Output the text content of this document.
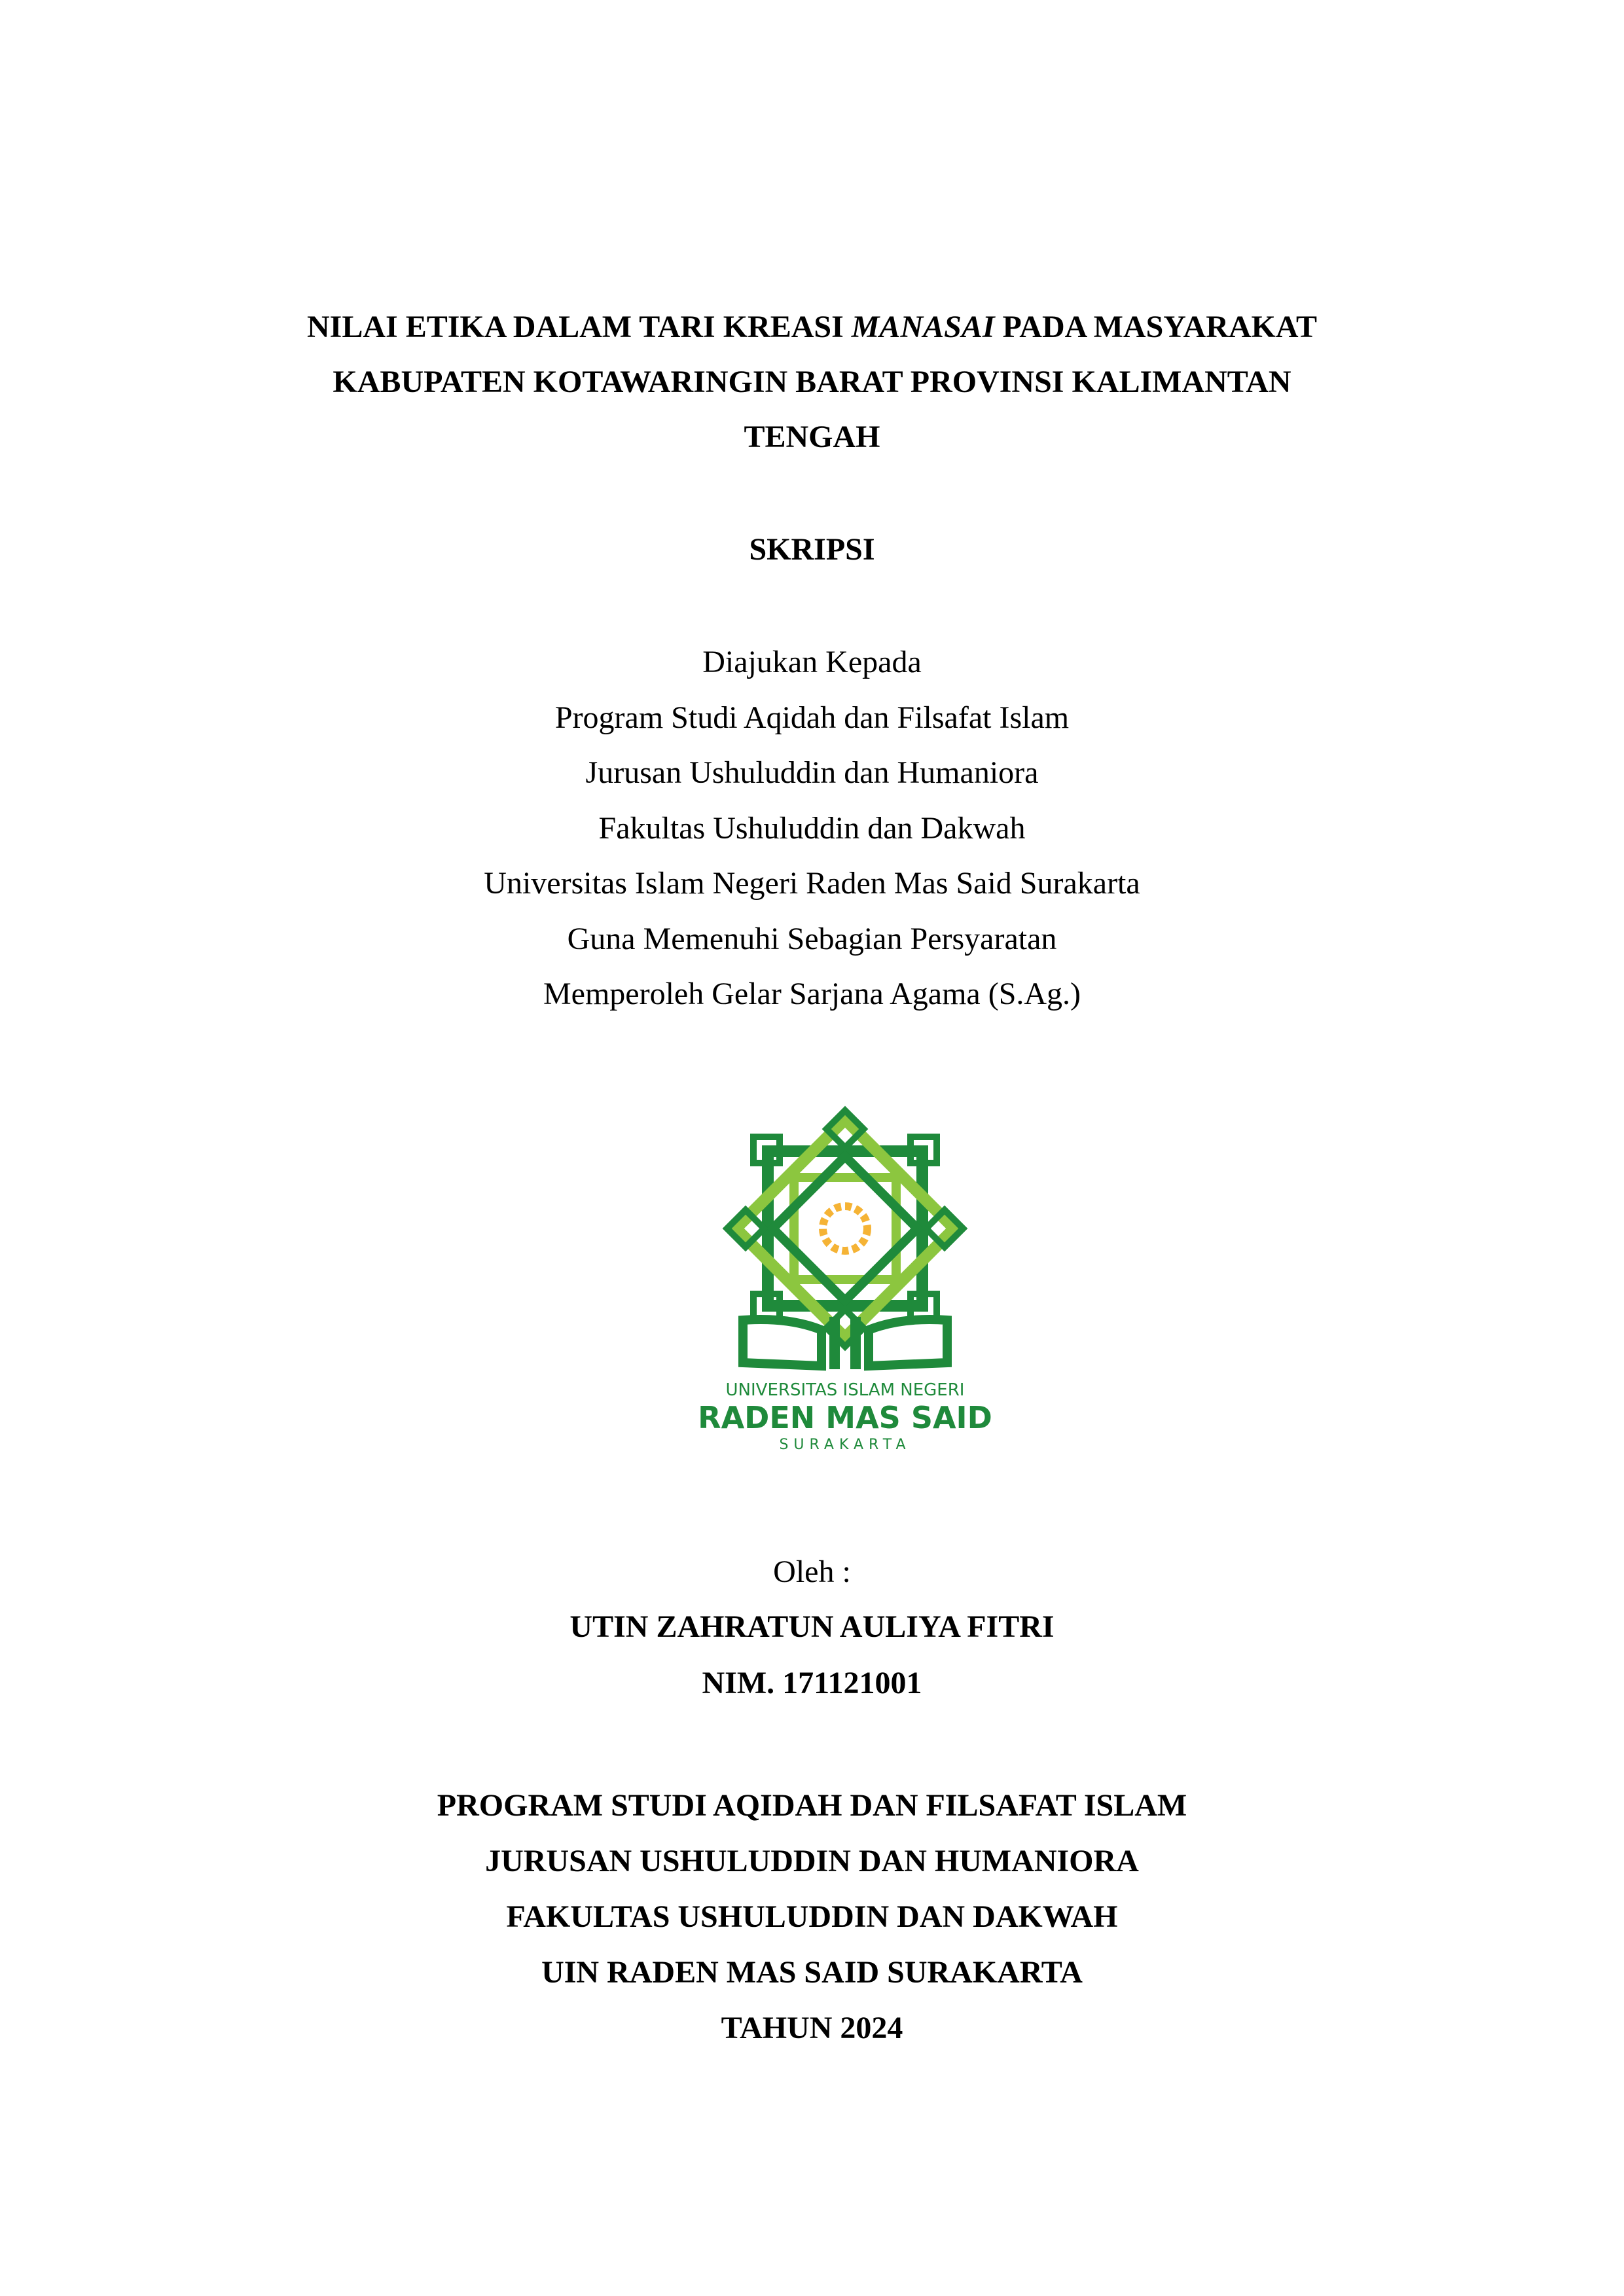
NILAI ETIKA DALAM TARI KREASI MANASAI PADA MASYARAKAT
KABUPATEN KOTAWARINGIN BARAT PROVINSI KALIMANTAN
TENGAH
SKRIPSI
Diajukan Kepada
Program Studi Aqidah dan Filsafat Islam
Jurusan Ushuluddin dan Humaniora
Fakultas Ushuluddin dan Dakwah
Universitas Islam Negeri Raden Mas Said Surakarta
Guna Memenuhi Sebagian Persyaratan
Memperoleh Gelar Sarjana Agama (S.Ag.)
UNIVERSITAS ISLAM NEGERI
RADEN MAS SAID
SURAKARTA
Oleh :
UTIN ZAHRATUN AULIYA FITRI
NIM. 171121001
PROGRAM STUDI AQIDAH DAN FILSAFAT ISLAM
JURUSAN USHULUDDIN DAN HUMANIORA
FAKULTAS USHULUDDIN DAN DAKWAH
UIN RADEN MAS SAID SURAKARTA
TAHUN 2024
